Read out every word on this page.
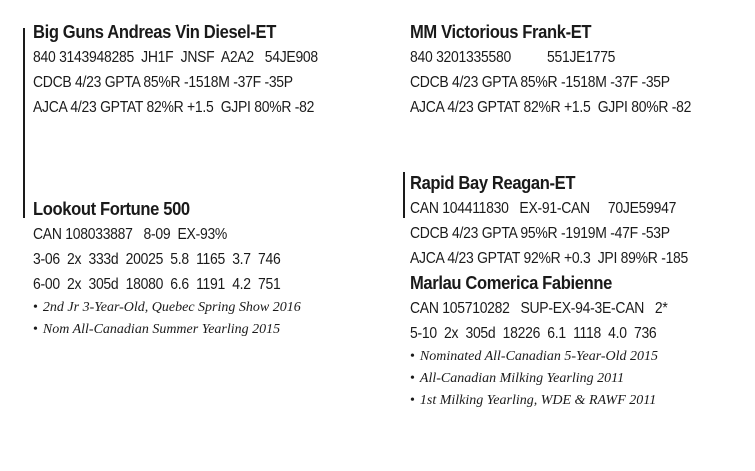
Big Guns Andreas Vin Diesel-ET
840 3143948285  JH1F  JNSF  A2A2   54JE908
CDCB 4/23 GPTA 85%R -1518M -37F -35P
AJCA 4/23 GPTAT 82%R +1.5  GJPI 80%R -82
MM Victorious Frank-ET
840 3201335580          551JE1775
CDCB 4/23 GPTA 85%R -1518M -37F -35P
AJCA 4/23 GPTAT 82%R +1.5  GJPI 80%R -82
Lookout Fortune 500
CAN 108033887   8-09  EX-93%
3-06  2x  333d  20025  5.8  1165  3.7  746
6-00  2x  305d  18080  6.6  1191  4.2  751
• 2nd Jr 3-Year-Old, Quebec Spring Show 2016
• Nom All-Canadian Summer Yearling 2015
Rapid Bay Reagan-ET
CAN 104411830   EX-91-CAN     70JE59947
CDCB 4/23 GPTA 95%R -1919M -47F -53P
AJCA 4/23 GPTAT 92%R +0.3  JPI 89%R -185
Marlau Comerica Fabienne
CAN 105710282   SUP-EX-94-3E-CAN   2*
5-10  2x  305d  18226  6.1  1118  4.0  736
• Nominated All-Canadian 5-Year-Old 2015
• All-Canadian Milking Yearling 2011
• 1st Milking Yearling, WDE & RAWF 2011
